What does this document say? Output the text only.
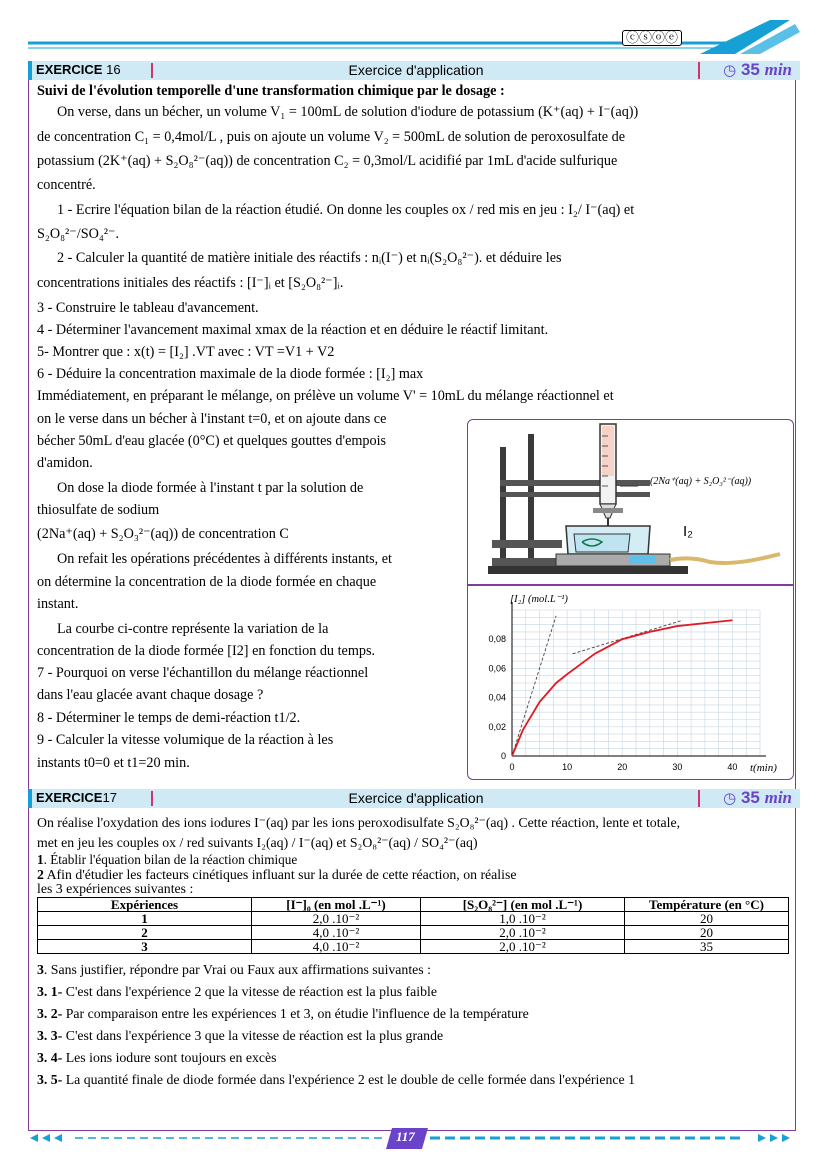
ⓒⓢⓞⓔ
EXERCICE 16	Exercice d'application	◷ 35 min
Suivi de l'évolution temporelle d'une transformation chimique par le dosage :
On verse, dans un bécher, un volume V₁ = 100mL de solution d'iodure de potassium (K⁺(aq) + I⁻(aq))
de concentration C₁ = 0,4mol/L , puis on ajoute un volume V₂ = 500mL de solution de peroxosulfate de
potassium (2K⁺(aq) + S₂O₈²⁻(aq)) de concentration C₂ = 0,3mol/L acidifié par 1mL d'acide sulfurique
concentré.
1 - Ecrire l'équation bilan de la réaction étudié. On donne les couples ox / red mis en jeu : I₂/ I⁻(aq) et
S₂O₈²⁻/SO₄²⁻.
2 - Calculer la quantité de matière initiale des réactifs : nᵢ(I⁻) et nᵢ(S₂O₈²⁻). et déduire les
concentrations initiales des réactifs : [I⁻]ᵢ et [S₂O₈²⁻]ᵢ.
3 - Construire le tableau d'avancement.
4 - Déterminer l'avancement maximal xmax de la réaction et en déduire le réactif limitant.
5- Montrer que : x(t) = [I₂] .VT avec : VT =V1 + V2
6 - Déduire la concentration maximale de la diode formée : [I₂] max
Immédiatement, en préparant le mélange, on prélève un volume V' = 10mL du mélange réactionnel et
on le verse dans un bécher à l'instant t=0, et on ajoute dans ce
bécher 50mL d'eau glacée (0°C) et quelques gouttes d'empois
d'amidon.
On dose la diode formée à l'instant t par la solution de
thiosulfate de sodium
(2Na⁺(aq) + S₂O₃²⁻(aq)) de concentration C
On refait les opérations précédentes à différents instants, et
on détermine la concentration de la diode formée en chaque
instant.
La courbe ci-contre représente la variation de la
concentration de la diode formée [I2] en fonction du temps.
7 - Pourquoi on verse l'échantillon du mélange réactionnel
dans l'eau glacée avant chaque dosage ?
8 - Déterminer le temps de demi-réaction t1/2.
9 - Calculer la vitesse volumique de la réaction à les
instants t0=0 et t1=20 min.
(2Na⁺(aq) + S₂O₃²⁻(aq))
I₂
0	10	20	30	40
0
0,02
0,04
0,06
0,08
[I₂] (mol.L⁻¹)
t(min)
EXERCICE17	Exercice d'application	◷ 35 min
On réalise l'oxydation des ions iodures I⁻(aq) par les ions peroxodisulfate S₂O₈²⁻(aq) . Cette réaction, lente et totale,
met en jeu les couples ox / red suivants I₂(aq) / I⁻(aq) et S₂O₈²⁻(aq) / SO₄²⁻(aq)
1. Établir l'équation bilan de la réaction chimique
2 Afin d'étudier les facteurs cinétiques influant sur la durée de cette réaction, on réalise
les 3 expériences suivantes :
Expériences	[I⁻]₀ (en mol .L⁻¹)	[S₂O₈²⁻] (en mol .L⁻¹)	Température (en °C)
1	2,0 .10⁻²	1,0 .10⁻²	20
2	4,0 .10⁻²	2,0 .10⁻²	20
3	4,0 .10⁻²	2,0 .10⁻²	35
3. Sans justifier, répondre par Vrai ou Faux aux affirmations suivantes :
3. 1- C'est dans l'expérience 2 que la vitesse de réaction est la plus faible
3. 2- Par comparaison entre les expériences 1 et 3, on étudie l'influence de la température
3. 3- C'est dans l'expérience 3 que la vitesse de réaction est la plus grande
3. 4- Les ions iodure sont toujours en excès
3. 5- La quantité finale de diode formée dans l'expérience 2 est le double de celle formée dans l'expérience 1
117
